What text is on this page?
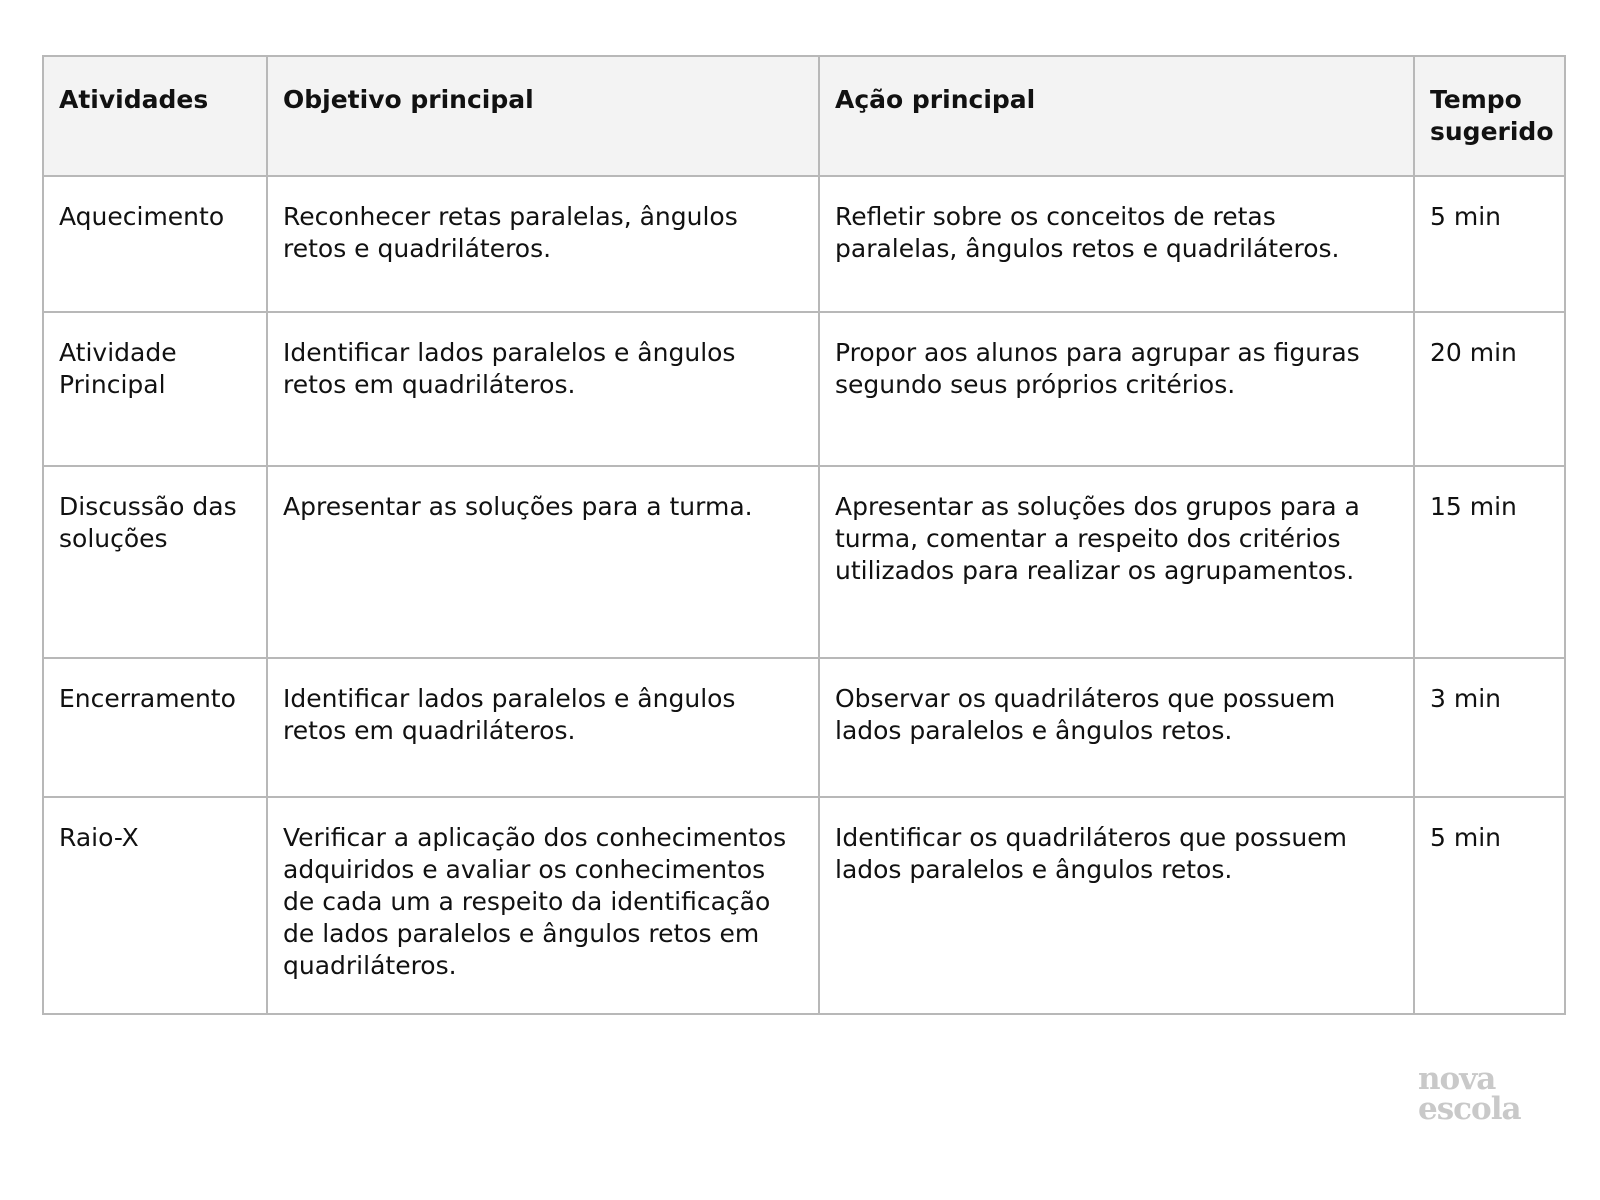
Atividades	Objetivo principal	Ação principal	Tempo sugerido
Aquecimento	Reconhecer retas paralelas, ângulos retos e quadriláteros.	Refletir sobre os conceitos de retas paralelas, ângulos retos e quadriláteros.	5 min
Atividade Principal	Identificar lados paralelos e ângulos retos em quadriláteros.	Propor aos alunos para agrupar as figuras segundo seus próprios critérios.	20 min
Discussão das soluções	Apresentar as soluções para a turma.	Apresentar as soluções dos grupos para a turma, comentar a respeito dos critérios utilizados para realizar os agrupamentos.	15 min
Encerramento	Identificar lados paralelos e ângulos retos em quadriláteros.	Observar os quadriláteros que possuem lados paralelos e ângulos retos.	3 min
Raio-X	Verificar a aplicação dos conhecimentos adquiridos e avaliar os conhecimentos de cada um a respeito da identificação de lados paralelos e ângulos retos em quadriláteros.	Identificar os quadriláteros que possuem lados paralelos e ângulos retos.	5 min
nova
escola
